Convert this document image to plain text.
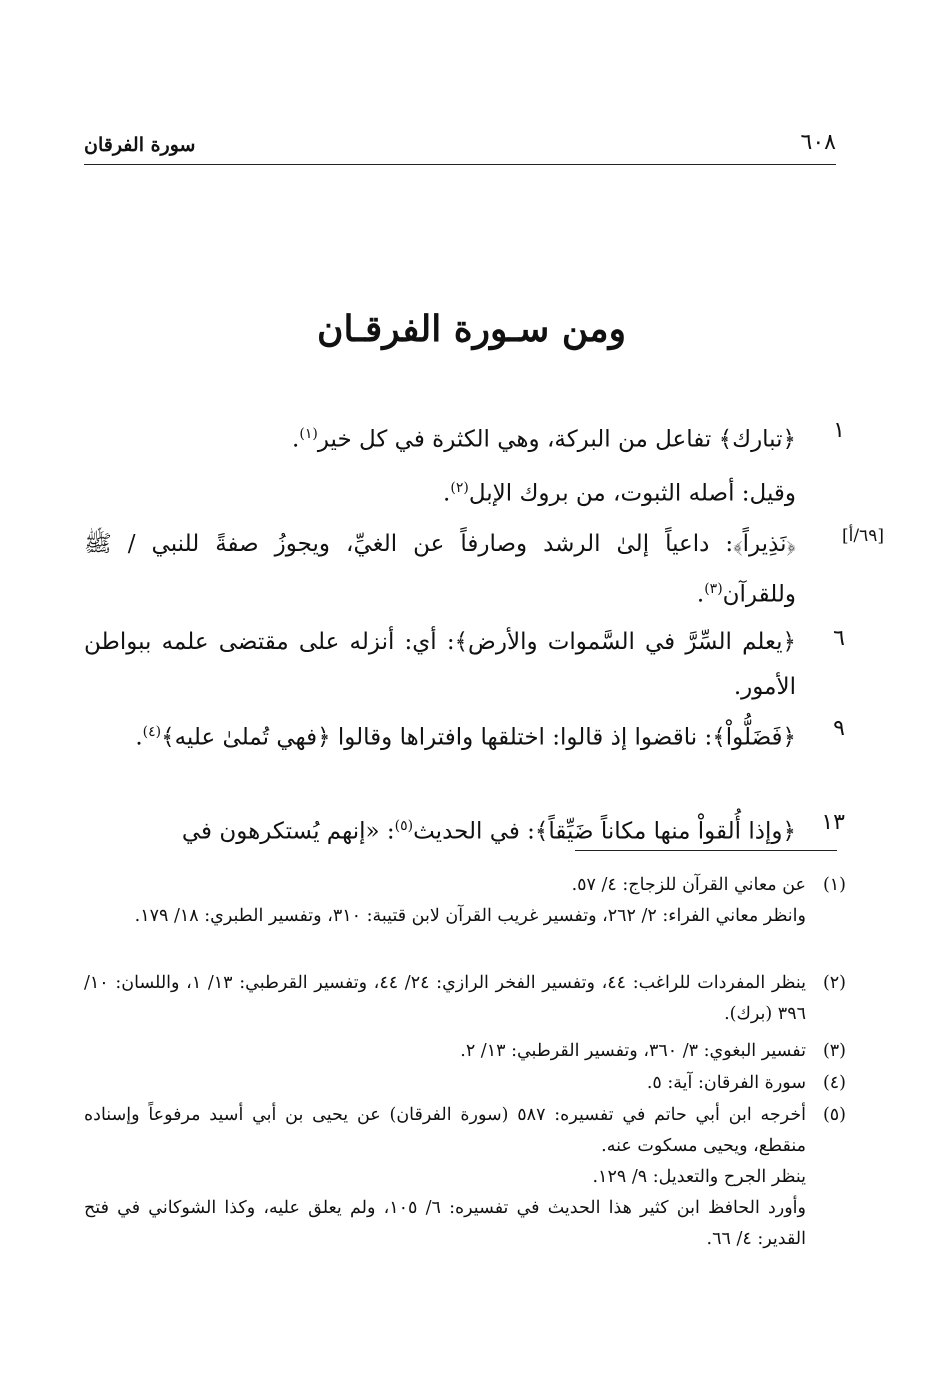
٦٠٨
سورة الفرقان
ومن سـورة الفرقـان
١
﴿تبارك﴾ تفاعل من البركة، وهي الكثرة في كل خير$^{(١)}$.
وقيل: أصله الثبوت، من بروك الإبل$^{(٢)}$.
[٦٩/أ]
﴿نَذِيراً﴾: داعياً إلىٰ الرشد وصارفاً عن الغيِّ، ويجوزُ صفةً للنبي / ﷺ وللقرآن$^{(٣)}$.
٦
﴿يعلم السِّرَّ في السَّموات والأرض﴾: أي: أنزله على مقتضى علمه ببواطن الأمور.
٩
﴿فَضَلُّواْ﴾: ناقضوا إذ قالوا: اختلقها وافتراها وقالوا ﴿فهي تُملىٰ عليه﴾$^{(٤)}$.
١٣
﴿وإذا أُلقواْ منها مكاناً ضَيِّقاً﴾: في الحديث$^{(٥)}$: «إنهم يُستكرهون في
(١)
عن معاني القرآن للزجاج: ٤/ ٥٧.
وانظر معاني الفراء: ٢/ ٢٦٢، وتفسير غريب القرآن لابن قتيبة: ٣١٠، وتفسير الطبري: ١٨/ ١٧٩.
(٢)
ينظر المفردات للراغب: ٤٤، وتفسير الفخر الرازي: ٢٤/ ٤٤، وتفسير القرطبي: ١٣/ ١، واللسان: ١٠/ ٣٩٦ (برك).
(٣)
تفسير البغوي: ٣/ ٣٦٠، وتفسير القرطبي: ١٣/ ٢.
(٤)
سورة الفرقان: آية: ٥.
(٥)
أخرجه ابن أبي حاتم في تفسيره: ٥٨٧ (سورة الفرقان) عن يحيى بن أبي أسيد مرفوعاً وإسناده منقطع، ويحيى مسكوت عنه.
ينظر الجرح والتعديل: ٩/ ١٢٩.
وأورد الحافظ ابن كثير هذا الحديث في تفسيره: ٦/ ١٠٥، ولم يعلق عليه، وكذا الشوكاني في فتح القدير: ٤/ ٦٦.
